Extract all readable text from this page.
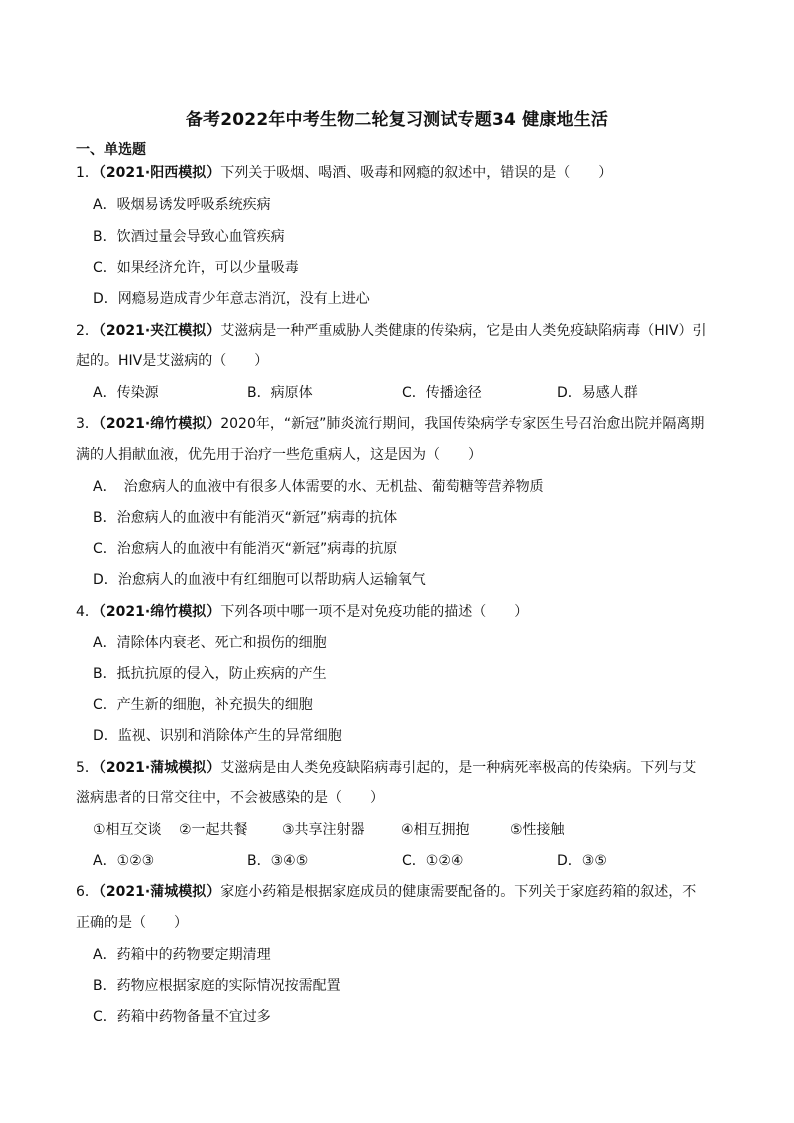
备考2022年中考生物二轮复习测试专题34 健康地生活
一、单选题
1．（2021·阳西模拟）下列关于吸烟、喝酒、吸毒和网瘾的叙述中，错误的是（　　）
A．吸烟易诱发呼吸系统疾病
B．饮酒过量会导致心血管疾病
C．如果经济允许，可以少量吸毒
D．网瘾易造成青少年意志消沉，没有上进心
2．（2021·夹江模拟）艾滋病是一种严重威胁人类健康的传染病，它是由人类免疫缺陷病毒（HIV）引
起的。HIV是艾滋病的（　　）
A．传染源	B．病原体	C．传播途径	D．易感人群
3．（2021·绵竹模拟）2020年，“新冠”肺炎流行期间，我国传染病学专家医生号召治愈出院并隔离期
满的人捐献血液，优先用于治疗一些危重病人，这是因为（　　）
A．　治愈病人的血液中有很多人体需要的水、无机盐、葡萄糖等营养物质
B．治愈病人的血液中有能消灭“新冠”病毒的抗体
C．治愈病人的血液中有能消灭“新冠”病毒的抗原
D．治愈病人的血液中有红细胞可以帮助病人运输氧气
4．（2021·绵竹模拟）下列各项中哪一项不是对免疫功能的描述（　　）
A．清除体内衰老、死亡和损伤的细胞
B．抵抗抗原的侵入，防止疾病的产生
C．产生新的细胞，补充损失的细胞
D．监视、识别和消除体产生的异常细胞
5．（2021·蒲城模拟）艾滋病是由人类免疫缺陷病毒引起的，是一种病死率极高的传染病。下列与艾
滋病患者的日常交往中，不会被感染的是（　　）
①相互交谈 ②一起共餐 ③共享注射器	④相互拥抱	⑤性接触
A．①②③	B．③④⑤	C．①②④	D．③⑤
6．（2021·蒲城模拟）家庭小药箱是根据家庭成员的健康需要配备的。下列关于家庭药箱的叙述，不
正确的是（　　）
A．药箱中的药物要定期清理
B．药物应根据家庭的实际情况按需配置
C．药箱中药物备量不宜过多
